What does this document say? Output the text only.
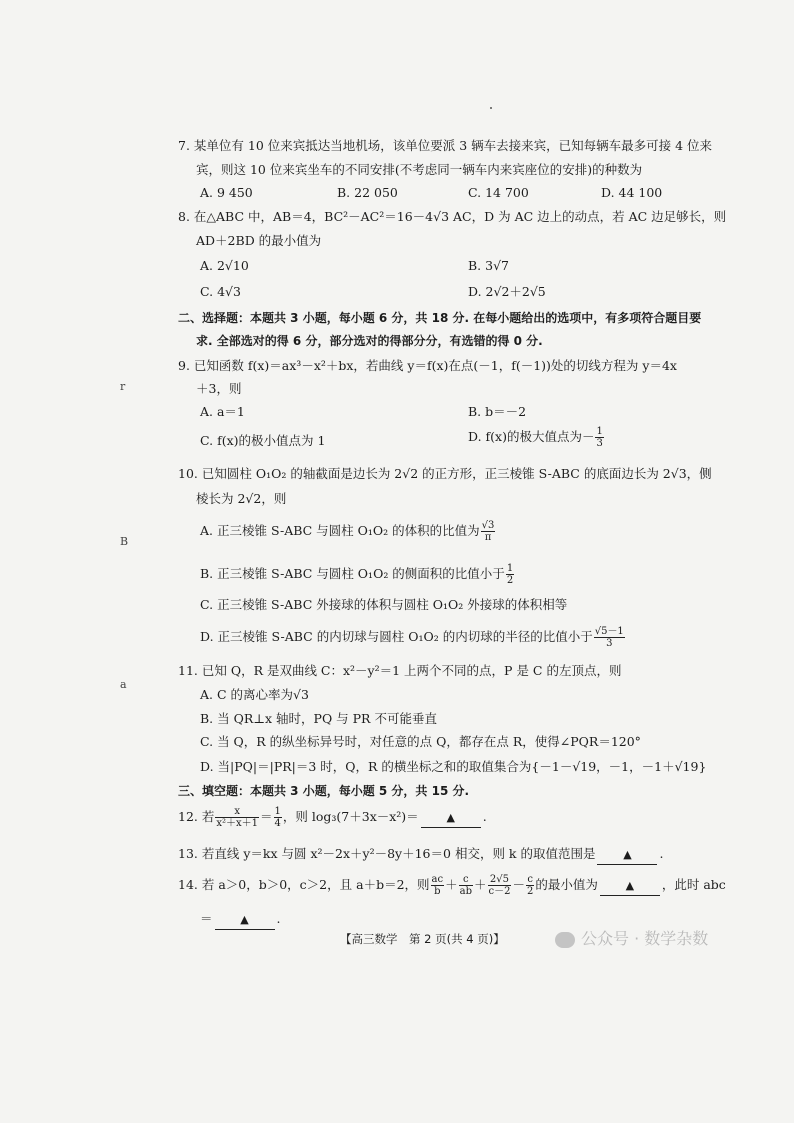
r
B
a
7. 某单位有 10 位来宾抵达当地机场，该单位要派 3 辆车去接来宾，已知每辆车最多可接 4 位来
宾，则这 10 位来宾坐车的不同安排(不考虑同一辆车内来宾座位的安排)的种数为
A. 9 450	B. 22 050	C. 14 700	D. 44 100
8. 在△ABC 中，AB＝4，BC²－AC²＝16－4√3 AC，D 为 AC 边上的动点，若 AC 边足够长，则
AD＋2BD 的最小值为
A. 2√10	B. 3√7
C. 4√3	D. 2√2＋2√5
二、选择题：本题共 3 小题，每小题 6 分，共 18 分. 在每小题给出的选项中，有多项符合题目要
求. 全部选对的得 6 分，部分选对的得部分分，有选错的得 0 分.
9. 已知函数 f(x)＝ax³－x²＋bx，若曲线 y＝f(x)在点(－1，f(－1))处的切线方程为 y＝4x
＋3，则
A. a＝1	B. b＝－2
C. f(x)的极小值点为 1	D. f(x)的极大值点为－ $\frac{1}{3}$
10. 已知圆柱 O₁O₂ 的轴截面是边长为 2√2 的正方形，正三棱锥 S-ABC 的底面边长为 2√3，侧
棱长为 2√2，则
A. 正三棱锥 S-ABC 与圆柱 O₁O₂ 的体积的比值为 $\frac{√3}{\pi}$
B. 正三棱锥 S-ABC 与圆柱 O₁O₂ 的侧面积的比值小于 $\frac{1}{2}$
C. 正三棱锥 S-ABC 外接球的体积与圆柱 O₁O₂ 外接球的体积相等
D. 正三棱锥 S-ABC 的内切球与圆柱 O₁O₂ 的内切球的半径的比值小于 $\frac{√5-1}{3}$
11. 已知 Q，R 是双曲线 C：x²－y²＝1 上两个不同的点，P 是 C 的左顶点，则
A. C 的离心率为√3
B. 当 QR⊥x 轴时，PQ 与 PR 不可能垂直
C. 当 Q，R 的纵坐标异号时，对任意的点 Q，都存在点 R，使得∠PQR＝120°
D. 当|PQ|＝|PR|＝3 时，Q，R 的横坐标之和的取值集合为{－1－√19，－1，－1＋√19}
三、填空题：本题共 3 小题，每小题 5 分，共 15 分.
12. 若 $\frac{x}{\text{x²＋x＋1}} = \frac{1}{4}$ ，则 log₃(7＋3x－x²)＝	▲ .
13. 若直线 y＝kx 与圆 x²－2x＋y²－8y＋16＝0 相交，则 k 的取值范围是	▲ .
14. 若 a＞0，b＞0，c＞2，且 a＋b＝2，则 $\frac{ac}{b} + \frac{c}{ab} + \frac{2√5}{c-2} - \frac{c}{2}$ 的最小值为	▲ ，此时 abc
＝	▲ .
【高三数学　第 2 页(共 4 页)】	公众号 · 数学杂数
